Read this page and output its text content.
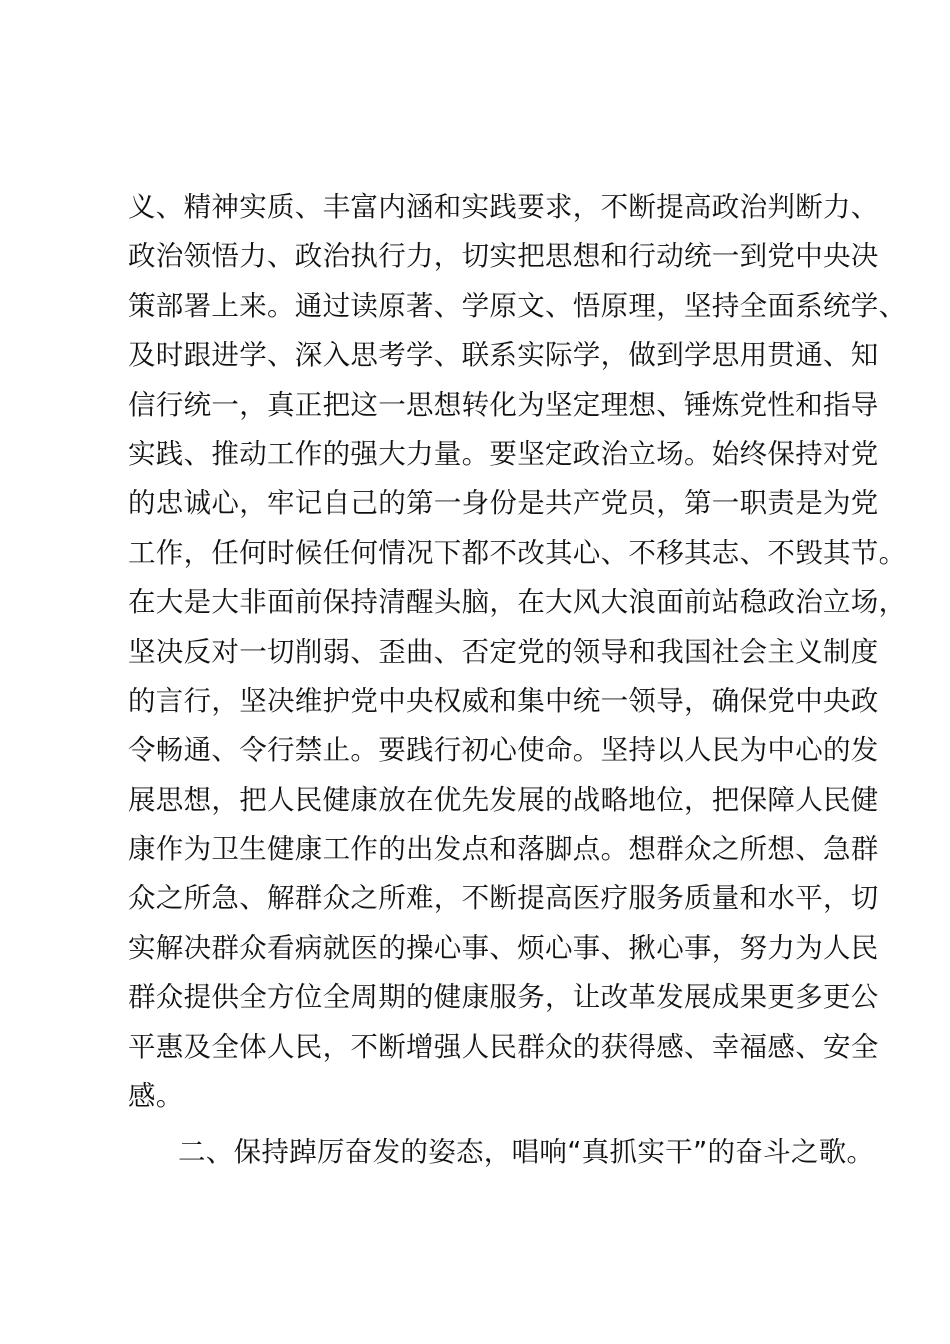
义、精神实质、丰富内涵和实践要求，不断提高政治判断力、
政治领悟力、政治执行力，切实把思想和行动统一到党中央决
策部署上来。通过读原著、学原文、悟原理，坚持全面系统学、
及时跟进学、深入思考学、联系实际学，做到学思用贯通、知
信行统一，真正把这一思想转化为坚定理想、锤炼党性和指导
实践、推动工作的强大力量。要坚定政治立场。始终保持对党
的忠诚心，牢记自己的第一身份是共产党员，第一职责是为党
工作，任何时候任何情况下都不改其心、不移其志、不毁其节。
在大是大非面前保持清醒头脑，在大风大浪面前站稳政治立场，
坚决反对一切削弱、歪曲、否定党的领导和我国社会主义制度
的言行，坚决维护党中央权威和集中统一领导，确保党中央政
令畅通、令行禁止。要践行初心使命。坚持以人民为中心的发
展思想，把人民健康放在优先发展的战略地位，把保障人民健
康作为卫生健康工作的出发点和落脚点。想群众之所想、急群
众之所急、解群众之所难，不断提高医疗服务质量和水平，切
实解决群众看病就医的操心事、烦心事、揪心事，努力为人民
群众提供全方位全周期的健康服务，让改革发展成果更多更公
平惠及全体人民，不断增强人民群众的获得感、幸福感、安全
感。
二、保持踔厉奋发的姿态，唱响“真抓实干”的奋斗之歌。
